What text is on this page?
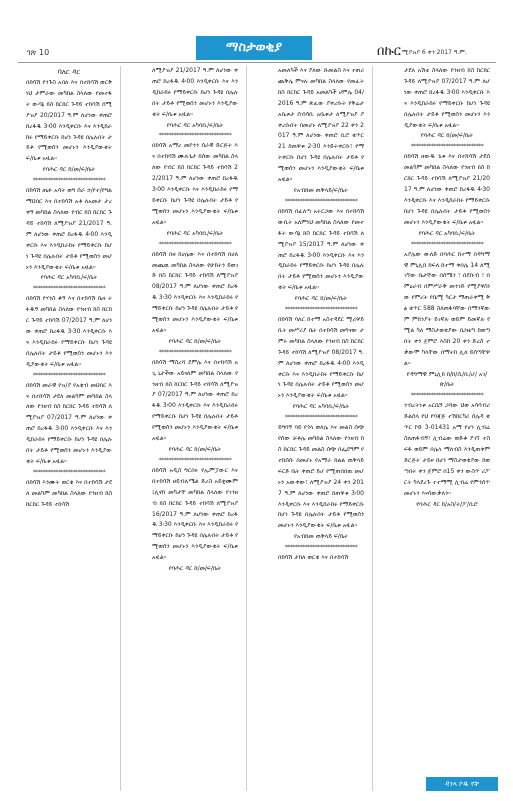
ገጽ 10	ማስታወቂያ	በኩር ሚያዝያ 6 ቀን 2017 ዓ.ም.
ባለር ዳር
በከሳሽ የንጉስ አበለ እና በተከሳሽ ወርቅነህ ታምራው መካከል ስላለው የመተፋት ውሳኔ ክስ ከርክር ጉዳይ ተከሳሽ ሰሚያዝያ 20/2017 ዓ.ም ለሆነው ቀጠሮ ከረፋዱ 3፡00 እንዲቀርቡ እና እንዲከራከሩ የማይቀርቡ ከሆነ ጉዳዩ በሌሉበት ታይቶ የሚወሰን መሆኑን እንዲያውቁት ፍ/ቤቱ አዟል፡፡
የባሕር ዳር ከ/መ/ፍ/ቤት
*****************************
በከሳሽ ጤፉ አሳት ወግ ሰራ ኃ/የተ/የግል ማህበር እና በተከሳሽ አቶ ለአመታ ታረቀኝ መካከል ስላለው የብር ክስ ከርክር ጉዳይ ተከሳሽ ለሚያዝያ 21/2017 ዓ.ም ለሆነው ቀጠሮ ከረፋዱ 4፡00 እንዲቀርቡ እና እንዲከራከሩ የማይቀርቡ ከሆነ ጉዳዩ በሌሉበት ታይቶ የሚወሰን መሆኑን እንዲያውቁት ፍ/ቤቱ አዟል፡፡
የባሕር ዳር አካባቢ/ፍ/ቤት
*****************************
በከሳሽ የሃንስ ቆኝ እና በተከሳሽ ቤዛ ትፉዱኝ መካከል ስላለው የንዘብ ክስ ከርክር ጉዳይ ተከሳሽ 07/2017 ዓ.ም ለሆነው ቀጠሮ ከረፋዱ 3፡30 እንዲቀርቡ እና እንዲከራከሩ የማይቀርቡ ከሆነ ጉዳዩ በሌሉበት ታይቶ የሚወሰን መሆኑን እንዲያውቁት ፍ/ቤቱ አዟል፡፡
*****************************
በከሳሽ መራዊ የዝ/ያ የአቁብ መህበር እና በተከሳሽ ታደለ መልካም መካከል ስላለው የንዘብ ክስ ከርክር ጉዳይ ተከሳሽ ለሚያዝያ 07/2017 ዓ.ም ለሆነው ቀጠሮ ከረፋዱ 3፡00 እንዲቀርቡ እና እንዲከራከሩ የማይቀርቡ ከሆነ ጉዳዩ በሌሉበት ታይቶ የሚወሰን መሆኑን እንዲያውቁት ፍ/ቤቱ አዟል፡፡
*****************************
በከሳሽ እንሙት ወርቁ እና በተከሳሽ ታደለ መልካም መካከል ስላለው የንዘብ ክስ ከርክር ጉዳይ ተከሳሽ
ለሚያዝያ 21/2017 ዓ.ም ለሆነው ቀጠሮ ከረፋዱ 4፡00 እንዲቀርቡ እና እንዲከራከሩ የማይቀርቡ ከሆነ ጉዳዩ በሌሉበት ታይቶ የሚወሰን መሆኑን እንዲያውቁት ፍ/ቤቱ አዟል፡፡
የባሕር ዳር አካባቢ/ፍ/ቤት
*****************************
በከሳሽ አማረ መኮንን ሰራዊ ድርጅት እና በተከሳሽ ሙሉጌታ ከሰው መካከል ስላለው የብር ክስ ከርክር ጉዳይ ተከሳሽ 22/2017 ዓ.ም ለሆነው ቀጠሮ ከረፋዱ 3፡00 እንዲቀርቡ እና እንዲከራከሩ የማይቀርቡ ከሆነ ጉዳዩ በሌሉበት ታይቶ የሚወሰን መሆኑን እንዲያውቁት ፍ/ቤቱ አዟል፡፡
የባሕር ዳር አካባቢ/ፍ/ቤት
*****************************
በከሳሽ በዛ ከሀሌው እና በተከሳሽ በሀለ መጨዉ መካከል ስላለው የሁከትን ይወገድ ክስ ከርክር ጉዳይ ተከሳሽ ለሚያዝያ 08/2017 ዓ.ም ለሆነው ቀጠሮ ከረፋዱ 3፡30 እንዲቀርቡ እና እንዲከራከሩ የማይቀርቡ ከሆነ ጉዳዩ በሌሉበት ታይቶ የሚወሰን መሆኑን እንዲያውቁት ፍ/ቤቱ አዟል፡፡
የባሕር ዳር ከ/መ/ፍ/ቤት
*****************************
በከሳሽ ማስረሻ ደምሌ እና በተከሳሽ አጊ ኒታችው አይናለም መካከል ስላለው የንዘብ ክስ ከርክር ጉዳይ ተከሳሽ ለሚያዝያ 07/2017 ዓ.ም ለሆነው ቀጠሮ ከረፋዱ 3፡00 እንዲቀርቡ እና እንዲከራከሩ የማይቀርቡ ከሆነ ጉዳዩ በሌሉበት ታይቶ የሚወሰን መሆኑን እንዲያውቁት ፍ/ቤቱ አዟል፡፡
የባሕር ዳር ከ/መ/ፍ/ቤት
*****************************
በከሳሽ አዲስ ግርበሩ የኢምፓውር እና በተከሳሽ ዘይብሉሜል ድረስ አይቋሙም ፤ሊኖበ መካታቸ መካከል ስላለው የገንዘብ ክስ ከርክር ጉዳይ ተከሳሽ ለሚያዝያ 16/2017 ዓ.ም ለሆነው ቀጠሮ ከረፋዱ 3፡30 እንዲቀርቡ እና እንዲከራከሩ የማይቀርቡ ከሆነ ጉዳዩ በሌሉበት ታይቶ የሚወሰን መሆኑን እንዲያውቁት ፍ/ቤቱ አዟል፡፡
የባሕር ዳር ከ/መ/ፍ/ቤት
አመለካች እና ያለው ሹመልስ እና ተጠሪ ጨቅሌ ምናሉ መካከል ስላለው የመፈት ክስ ከርክር ጉዳይ አመልካች ሀምሌ 04/2016 ዓ.ም ጽፈው ያቀረቡት የቅሬታ አቤቱታ ሰብሳቢ አቤቱታ ለሚያዝያ ያቀረቡበት በመሆኑ ለሚያዝያ 22 ቀን 2017 ዓ.ም ለሆነው ቀጠሮ ቢሮ ቁጥር 21 ከጠዋቱ 2፡30 እንድትቀርቡ፣ የማትቀርቡ ከሆነ ጉዳዩ በሌሉበት ታይቶ የሚወሰን መሆኑን እንዲያውቁት ፍ/ቤቱ አዟል፡፡
የአብክመ ጠቅላይ/ፍ/ቤት
*****************************
በከሳሽ በፈለጣ አትርጋው እና በተከሳሽ ውቢት አለምነህ መካከል ስላለው የመተፋት ውሳኔ ክስ ከርክር ጉዳይ ተከሳሽ ለሚያዝያ 15/2017 ዓ.ም ለሆነው ቀጠሮ ከረፋዱ 3፡00 እንዲቀርቡ እና እንዲከራከሩ የማይቀርቡ ከሆነ ጉዳዩ በሌሉበት ታይቶ የሚወሰን መሆኑን እንዲያውቁት ፍ/ቤቱ አዟል፡፡
የባሕር ዳር ከ/መ/ፍ/ቤት
*****************************
በከሳሽ ባለር ከተማ አስተዳደር ሚሪዋይ ቢት መሥሪያ ቤት በተከሳሽ መግናው ታምሩ መካከል ስላለው የንዘብ ክስ ከርክር ጉዳይ ተከሳሽ ለሚያዝያ 08/2017 ዓ.ም ለሆነው ቀጠሮ ከረፋዱ 4፡00 እንዲቀርቡ እና እንዲከራከሩ የማይቀርቡ ከሆነ ጉዳዩ በሌሉበት ታይቶ የሚወሰን መሆኑን እንዲያውቁት ፍ/ቤቱ አዟል፡፡
የባሕር ዳር አካባቢ/ፍ/ቤት
*****************************
ይግባኝ ባይ የጎላ ወለሌ እና መልስ ሰጭ የሰው ቻቶሌ መካከል ስላለው የንዘብ ክስ ከርክር ጉዳይ መልስ ሰጭ በፌደዓም የተከሰሱ በመሆኑ የአማራ ክልል ጠቅላይ ፍርድ ቤት ቀጠሮ ይሆ የሚጠበበዉ መሆኑን አውቀው፣ ለሚያዝያ 24 ቀን 2017 ዓ.ም ለሆነው ቀጠሮ ከጠዋቱ 3፡00 እንዲቀርቡ እና እንዲከራከሩ የማይቀርቡ ከሆነ ጉዳዩ በሌሉበት ታይቶ የሚወሰን መሆኑን እንዲያውቁት ፍ/ቤቱ አዟል፡፡
የአብክመ ጠቅላይ ፍ/ቤት
*****************************
በከሳሽ ታከለ ወርቁ እና በተከሳሽ
ታደለ አሽቴ ስላለው የንዘብ ክስ ከርክር ጉዳይ ለሚያዝያ 07/2017 ዓ.ም ለሆነው ቀጠሮ ከረፋዱ 3፡00 እንዲቀርቡ እና እንዲከራከሩ የማይቀርቡ ከሆነ ጉዳዩ በሌሉበት ታይቶ የሚወሰን መሆኑን እንዲያውቁት ፍ/ቤቱ አዟል፡፡
የባሕር ዳር ከ/መ/ፍ/ቤት
*****************************
በከሳሽ ዘውዱ ጌቱ እና በተከሳሽ ታደሰ መልካም መካከል ስላለው የንዘብ ክስ ከርክር ጉዳይ ተከሳሽ ለሚያዝያ 21/2017 ዓ.ም ለሆነው ቀጠሮ ከረፋዱ 4፡30 እንዲቀርቡ እና እንዲከራከሩ የማይቀርቡ ከሆነ ጉዳዩ በሌሉበት ታይቶ የሚወሰን መሆኑን እንዲያውቁት ፍ/ቤቱ አዟል፡፡
የባሕር ዳር አካባቢ/ፍ/ቤት
*****************************
አያሌው ውለድ በባሕር ከተማ በዳግማዊ ምኒሊክ ከፍለ ከተማ ቀበሌ 14 ለሚገኘው ቤታቸው በሰሜን ፣ በደቡብ ፣ በምዕራብ በምሥራቅ መንገድ የሚያዋስነው የምሪት የቤሚ ካርታ ማጠራቀሚ ቅፅ ቁጥር 588 ስለጠፋባቸው በማንኛውም ምክንያት ይገኛሉ ወይም ይመኛሉ የሚል ካለ ማስታወቂያው በጋዜጣ ከወጣበት ቀን ጀምሮ እስከ 20 ቀን ድረስ ተቃውሞ ካላቸው በማትከ ሊለ ይሰጣቸዋል፡፡
የዳግማዊ ምኒሊክ ክ/ከ/ሲ/ቢ/ሆ/ አገ/ጽ/ቤት
*****************************
ንብረትነቱ አርሴኝ ጋሻው ህወ አሳሳብሪ ድልሰላ የህ የባጃጅ ተሽከርካሪ ሰሌዳ ቁጥር ኮድ 3-01431 አማ የሆነ ሊብሬ ስለጠፋብኝ፣ ሊብሬው ወድቆ ያገኘ ተስፍፋ ወይም በሌላ ማለብስ እንዲጠቀም ድርጅት ታይዞ ከሆነ ማስታወቂያው ከወጣበት ቀን ጀምሮ በ15 ቀን ውስጥ ሪፖርት ካላደረጉ ተተማሚ ሊብሬ የምንሰጥ መሆኑን እናሳውቃለን፡፡
የባሕር ዳር ከ/አስ/ት/ፖ/ቢሮ
ዳንላ ኮዱ የቸ
